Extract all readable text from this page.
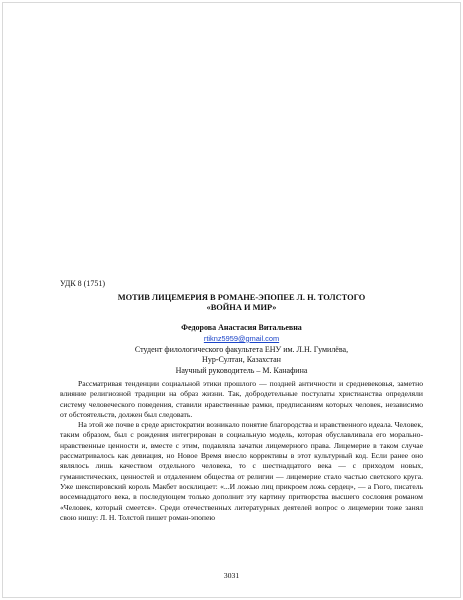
УДК 8 (1751)
МОТИВ ЛИЦЕМЕРИЯ В РОМАНЕ-ЭПОПЕЕ Л. Н. ТОЛСТОГО
«ВОЙНА И МИР»
Федорова Анастасия Витальевна
rtiknz5959@gmail.com
Студент филологического факультета ЕНУ им. Л.Н. Гумилёва,
Нур-Султан, Казахстан
Научный руководитель – М. Канафина

Рассматривая тенденции социальной этики прошлого — поздней античности и средневековья, заметно влияние религиозной традиции на образ жизни. Так, добродетельные постулаты христианства определяли систему человеческого поведения, ставили нравственные рамки, предписаниям которых человек, независимо от обстоятельств, должен был следовать.

На этой же почве в среде аристократии возникало понятие благородства и нравственного идеала. Человек, таким образом, был с рождения интегрирован в социальную модель, которая обуславливала его морально-нравственные ценности и, вместе с этим, подавляла зачатки лицемерного права. Лицемерие в таком случае рассматривалось как девиация, но Новое Время внесло коррективы в этот культурный код. Если ранее оно являлось лишь качеством отдельного человека, то с шестнадцатого века — с приходом новых, гуманистических, ценностей и отдалением общества от религии — лицемерие стало частью светского круга. Уже шекспировский король Макбет восклицает: «...И ложью лиц прикроем ложь сердец», — а Гюго, писатель восемнадцатого века, в последующем только дополнит эту картину притворства высшего сословия романом «Человек, который смеется». Среди отечественных литературных деятелей вопрос о лицемерии тоже занял свою нишу: Л. Н. Толстой пишет роман-эпопею

3031
